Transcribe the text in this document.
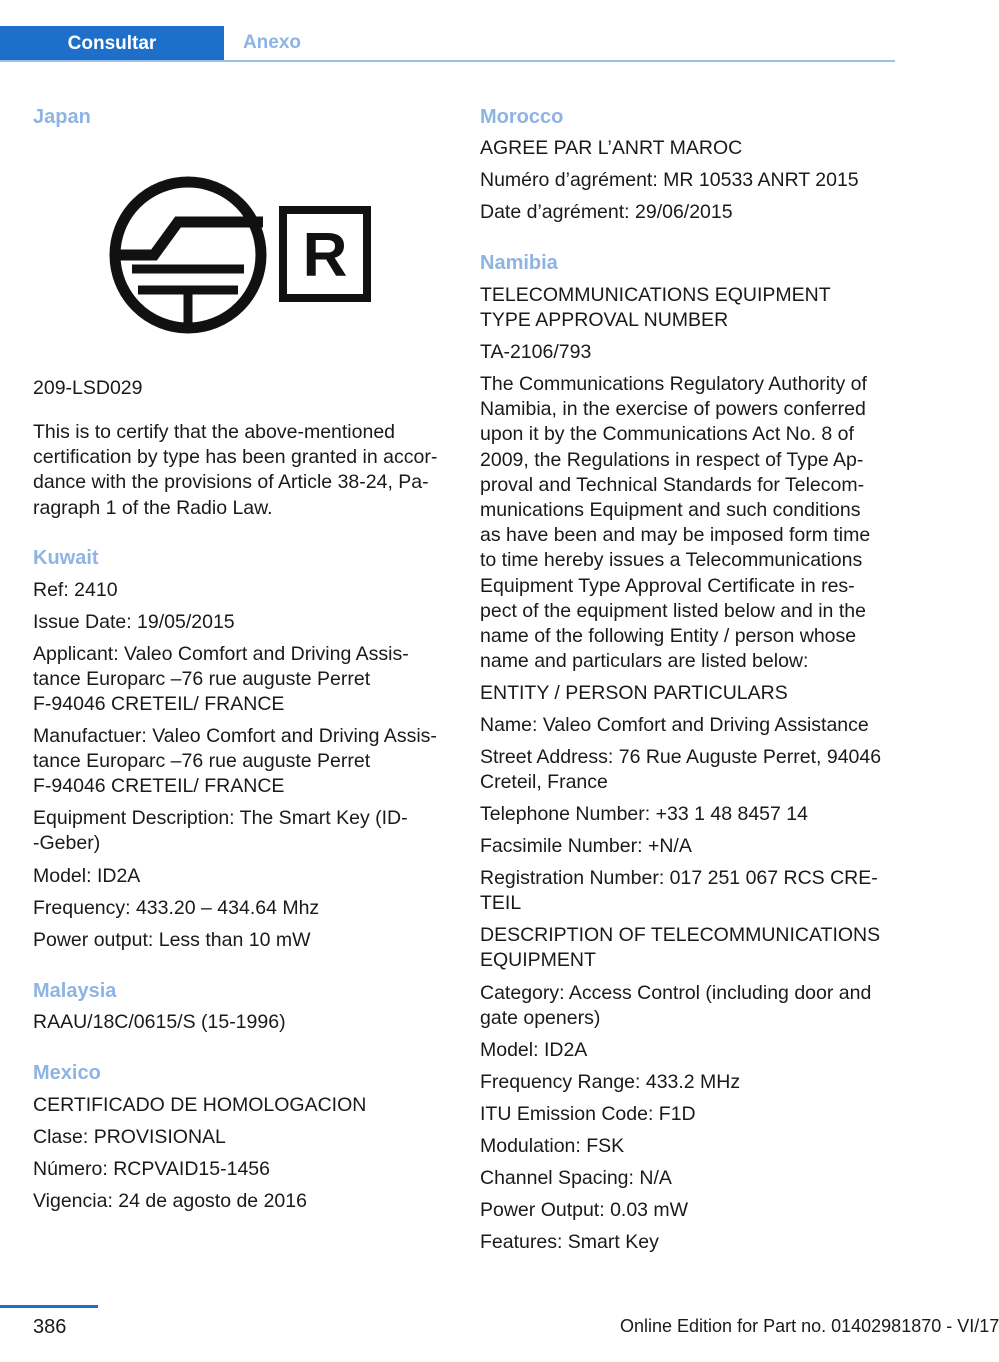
Consultar	Anexo

Japan

209-LSD029

This is to certify that the above-mentioned
certification by type has been granted in accor-
dance with the provisions of Article 38-24, Pa-
ragraph 1 of the Radio Law.

Kuwait

Ref: 2410

Issue Date: 19/05/2015

Applicant: Valeo Comfort and Driving Assis-
tance Europarc –76 rue auguste Perret
F-94046 CRETEIL/ FRANCE

Manufactuer: Valeo Comfort and Driving Assis-
tance Europarc –76 rue auguste Perret
F-94046 CRETEIL/ FRANCE

Equipment Description: The Smart Key (ID-
-Geber)

Model: ID2A

Frequency: 433.20 – 434.64 Mhz

Power output: Less than 10 mW

Malaysia

RAAU/18C/0615/S (15-1996)

Mexico

CERTIFICADO DE HOMOLOGACION

Clase: PROVISIONAL

Número: RCPVAID15-1456

Vigencia: 24 de agosto de 2016

R

Morocco

AGREE PAR L’ANRT MAROC

Numéro d’agrément: MR 10533 ANRT 2015

Date d’agrément: 29/06/2015

Namibia

TELECOMMUNICATIONS EQUIPMENT
TYPE APPROVAL NUMBER

TA-2106/793

The Communications Regulatory Authority of
Namibia, in the exercise of powers conferred
upon it by the Communications Act No. 8 of
2009, the Regulations in respect of Type Ap-
proval and Technical Standards for Telecom-
munications Equipment and such conditions
as have been and may be imposed form time
to time hereby issues a Telecommunications
Equipment Type Approval Certificate in res-
pect of the equipment listed below and in the
name of the following Entity / person whose
name and particulars are listed below:

ENTITY / PERSON PARTICULARS

Name: Valeo Comfort and Driving Assistance

Street Address: 76 Rue Auguste Perret, 94046
Creteil, France

Telephone Number: +33 1 48 8457 14

Facsimile Number: +N/A

Registration Number: 017 251 067 RCS CRE-
TEIL

DESCRIPTION OF TELECOMMUNICATIONS
EQUIPMENT

Category: Access Control (including door and
gate openers)

Model: ID2A

Frequency Range: 433.2 MHz

ITU Emission Code: F1D

Modulation: FSK

Channel Spacing: N/A

Power Output: 0.03 mW

Features: Smart Key

386	Online Edition for Part no. 01402981870 - VI/17
